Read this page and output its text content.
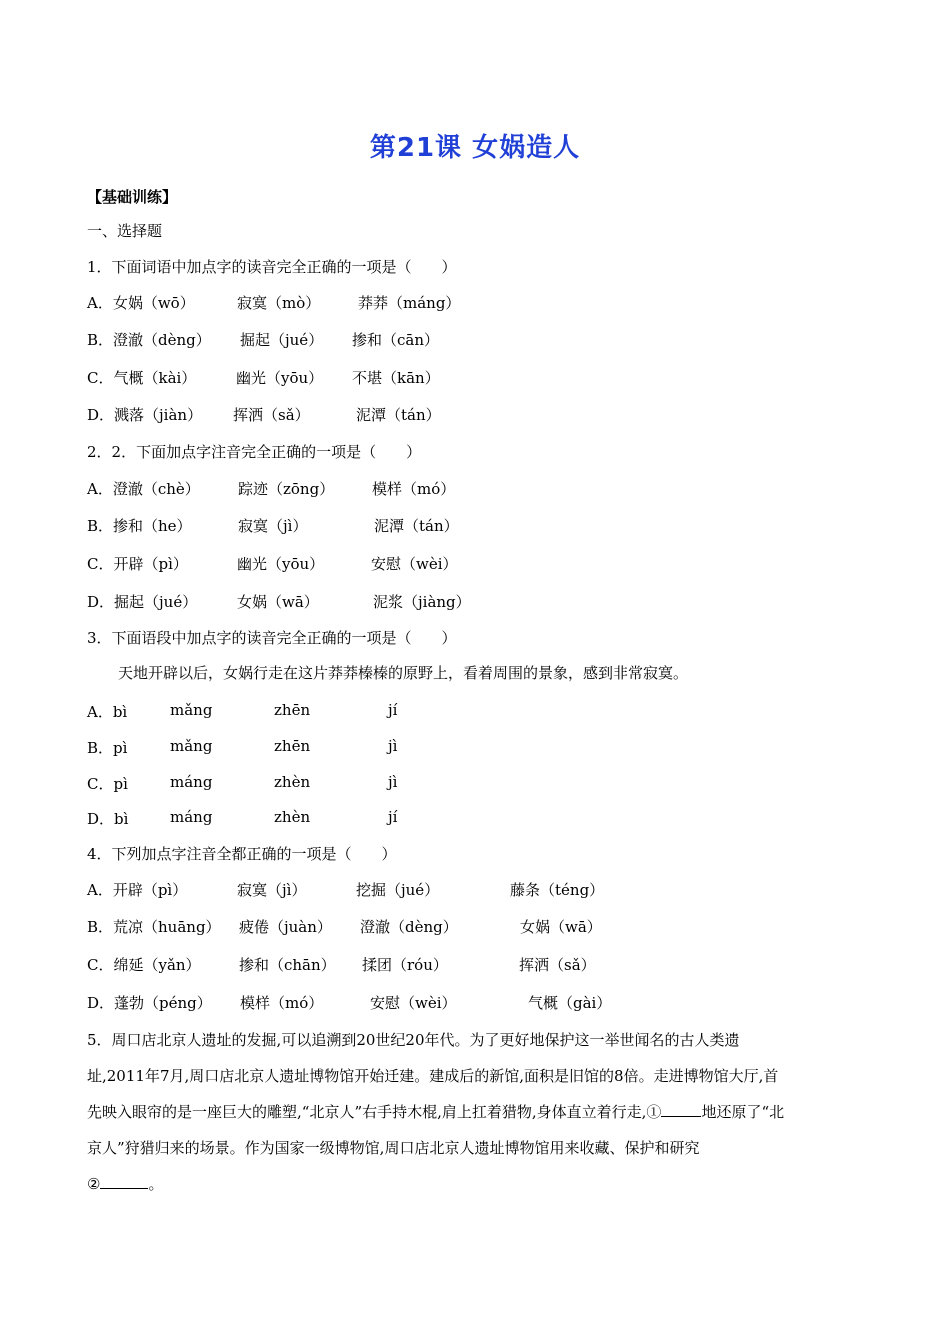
第21课 女娲造人
【基础训练】
一、选择题
1．下面词语中加点字的读音完全正确的一项是（　　）
A．女娲（wō）	寂寞（mò）	莽莽（máng）
B．澄澈（dèng） 掘起（jué） 掺和（cān）
C．气概（kài）	幽光（yōu） 不堪（kān）
D．溅落（jiàn） 挥洒（sǎ）	泥潭（tán）
2．2．下面加点字注音完全正确的一项是（　　）
A．澄澈（chè）	踪迹（zōng）	模样（mó）
B．掺和（he）	寂寞（jì）	泥潭（tán）
C．开辟（pì）	幽光（yōu）	安慰（wèi）
D．掘起（jué）	女娲（wā）	泥浆（jiàng）
3．下面语段中加点字的读音完全正确的一项是（　　）
天地开辟以后，女娲行走在这片莽莽榛榛的原野上，看着周围的景象，感到非常寂寞。
A．bì	mǎng	zhēn	jí
B．pì	mǎng	zhēn	jì
C．pì	máng	zhèn	jì
D．bì	máng	zhèn	jí
4．下列加点字注音全都正确的一项是（　　）
A．开辟（pì）	寂寞（jì）	挖掘（jué）	藤条（téng）
B．荒凉（huāng） 疲倦（juàn） 澄澈（dèng）	女娲（wā）
C．绵延（yǎn）	掺和（chān） 揉团（róu）	挥洒（sǎ）
D．蓬勃（péng） 模样（mó）	安慰（wèi）	气概（gài）
5．周口店北京人遗址的发掘,可以追溯到20世纪20年代。为了更好地保护这一举世闻名的古人类遗
址,2011年7月,周口店北京人遗址博物馆开始迁建。建成后的新馆,面积是旧馆的8倍。走进博物馆大厅,首
先映入眼帘的是一座巨大的雕塑,“北京人”右手持木棍,肩上扛着猎物,身体直立着行走,①	地还原了“北
京人”狩猎归来的场景。作为国家一级博物馆,周口店北京人遗址博物馆用来收藏、保护和研究
②	。
